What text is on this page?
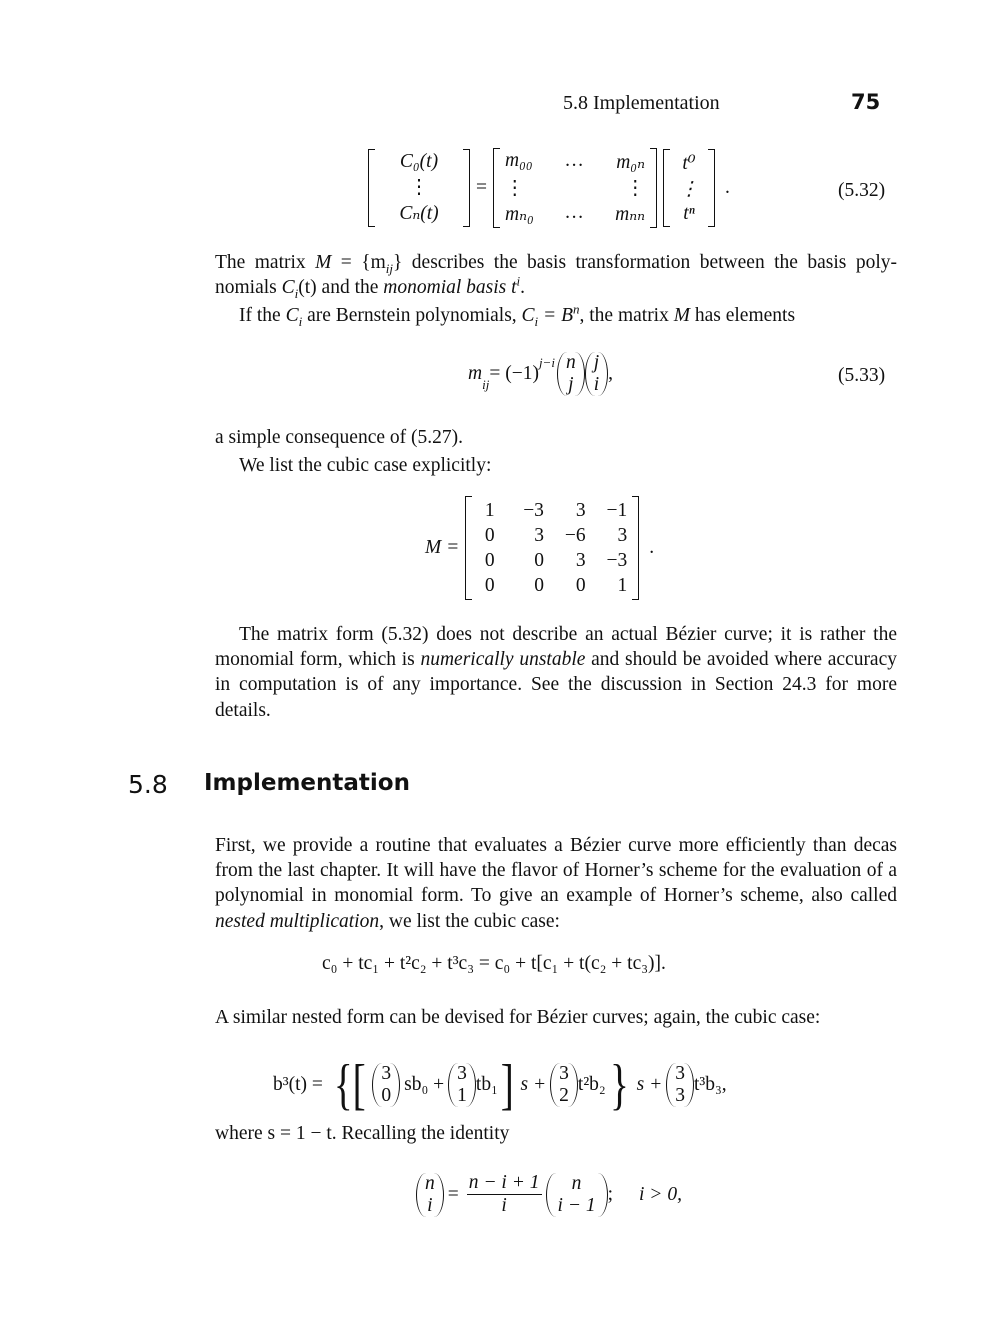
5.8 Implementation	75
C₀(t)
⋮
Cₙ(t)
=
m₀₀ … m₀ₙ
⋮	⋮
mₙ₀ … mₙₙ
t⁰
⋮
tⁿ
.	(5.32)

The matrix $M = \{m_{ij}\}$ describes the basis transformation between the basis poly-nomials $C_i(t)$ and the monomial basis $t^i$.

If the $C_i$ are Bernstein polynomials, $C_i = B^n$, the matrix M has elements

m
$_{ij}$
= (−1)
$^{j-i}$ n
j
j
i
,	(5.33)

a simple consequence of (5.27).

We list the cubic case explicitly:

M =
1	−3	3	−1
0	3	−6	3
0	0	3	−3
0	0	0	1
.
The matrix form (5.32) does not describe an actual Bézier curve; it is rather the monomial form, which is numerically unstable and should be avoided where accuracy in computation is of any importance. See the discussion in Section 24.3 for more details.
5.8 Implementation
First, we provide a routine that evaluates a Bézier curve more efficiently than decas from the last chapter. It will have the flavor of Horner’s scheme for the evaluation of a polynomial in monomial form. To give an example of Horner’s scheme, also called nested multiplication, we list the cubic case:
c₀ + tc₁ + t²c₂ + t³c₃ = c₀ + t[c₁ + t(c₂ + tc₃)].
A similar nested form can be devised for Bézier curves; again, the cubic case:
b³(t) = {[ 3
0
sb₀ +
3
1
tb₁ ] s +
3
2
t²b₂ } s +
3
3
t³b₃,
where s = 1 − t. Recalling the identity
n
i
= $\frac{n - i + 1}{i}$ n
i − 1
; i > 0,
